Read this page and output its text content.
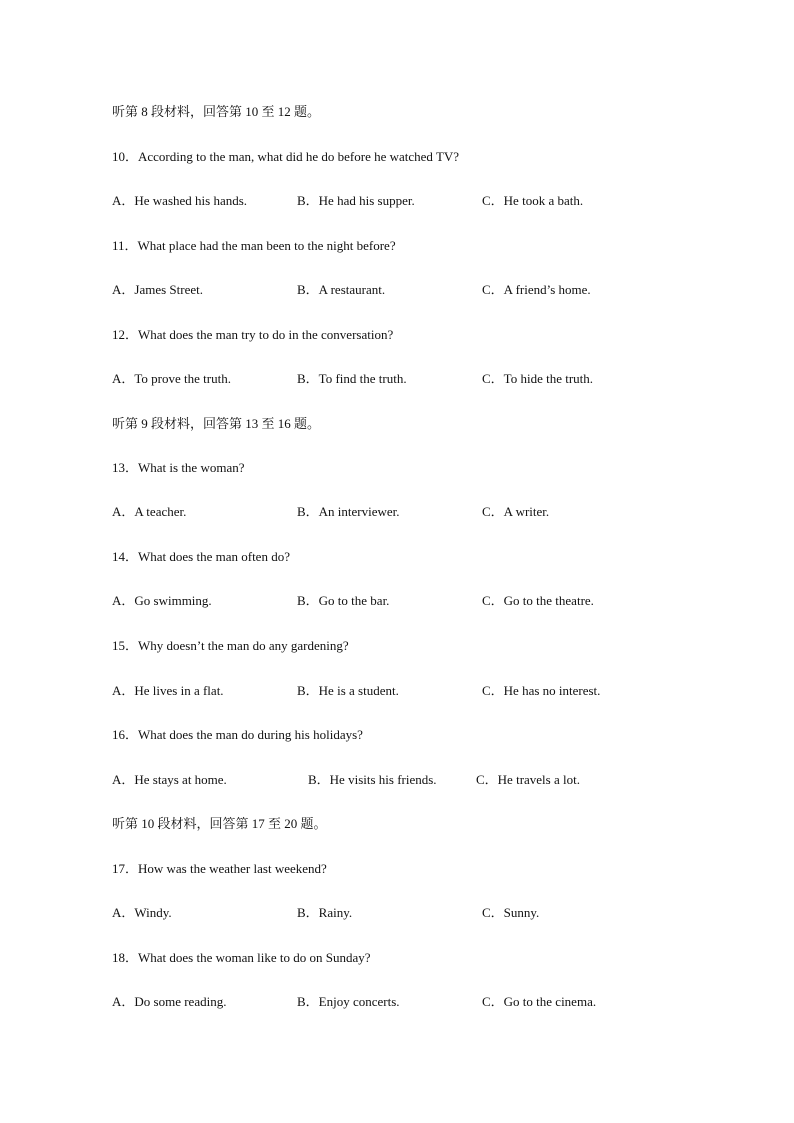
听第 8 段材料，回答第 10 至 12 题。
10．According to the man, what did he do before he watched TV?
A．He washed his hands.	B．He had his supper.	C．He took a bath.
11．What place had the man been to the night before?
A．James Street.	B．A restaurant.	C．A friend’s home.
12．What does the man try to do in the conversation?
A．To prove the truth.	B．To find the truth.	C．To hide the truth.
听第 9 段材料，回答第 13 至 16 题。
13．What is the woman?
A．A teacher.	B．An interviewer.	C．A writer.
14．What does the man often do?
A．Go swimming.	B．Go to the bar.	C．Go to the theatre.
15．Why doesn’t the man do any gardening?
A．He lives in a flat.	B．He is a student.	C．He has no interest.
16．What does the man do during his holidays?
A．He stays at home.	B．He visits his friends.	C．He travels a lot.
听第 10 段材料，回答第 17 至 20 题。
17．How was the weather last weekend?
A．Windy.	B．Rainy.	C．Sunny.
18．What does the woman like to do on Sunday?
A．Do some reading.	B．Enjoy concerts.	C．Go to the cinema.
